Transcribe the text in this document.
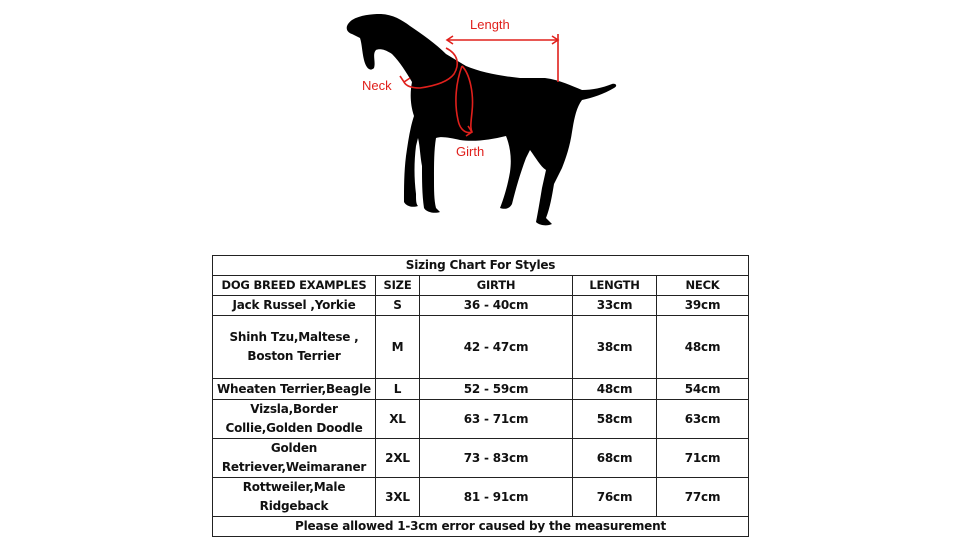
Length
Neck
Girth
Sizing Chart For Styles				
DOG BREED EXAMPLES	SIZE	GIRTH	LENGTH	NECK
Jack Russel ,Yorkie	S	36 - 40cm	33cm	39cm
Shinh Tzu,Maltese , Boston Terrier	M	42 - 47cm	38cm	48cm
Wheaten Terrier,Beagle	L	52 - 59cm	48cm	54cm
Vizsla,Border Collie,Golden Doodle	XL	63 - 71cm	58cm	63cm
Golden Retriever,Weimaraner	2XL	73 - 83cm	68cm	71cm
Rottweiler,Male Ridgeback	3XL	81 - 91cm	76cm	77cm
Please allowed 1-3cm error caused by the measurement				
